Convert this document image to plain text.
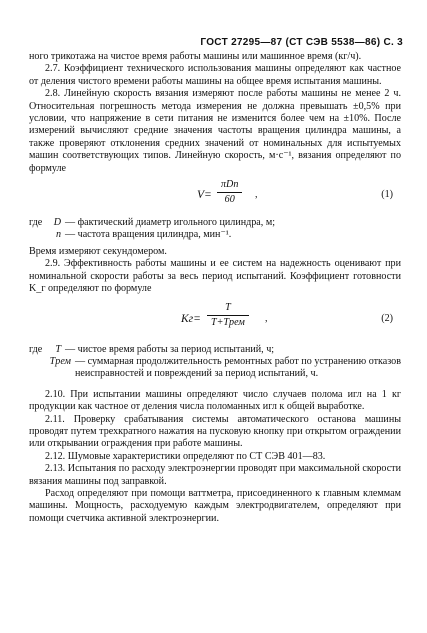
ГОСТ 27295—87 (СТ СЭВ 5538—86) С. 3

ного трикотажа на чистое время работы машины или машинное время (кг/ч).

2.7. Коэффициент технического использования машины определяют как частное от деления чистого времени работы машины на общее время испытания машины.

2.8. Линейную скорость вязания измеряют после работы машины не менее 2 ч. Относительная погрешность метода измерения не должна превышать ±0,5% при условии, что напряжение в сети питания не изменится более чем на ±10%. После измерений вычисляют средние значения частоты вращения цилиндра машины, а также проверяют отклонения средних значений от номинальных для испытуемых машин соответствующих типов. Линейную скорость, м·с⁻¹, вязания определяют по формуле

V=
πDn
60	,	(1)
где	D — фактический диаметр игольного цилиндра, м;
n — частота вращения цилиндра, мин⁻¹.

Время измеряют секундомером.

2.9. Эффективность работы машины и ее систем на надежность оценивают при номинальной скорости работы за весь период испытаний. Коэффициент готовности K_г определяют по формуле

Kг=
T
T+Tрем	,	(2)
где	T — чистое время работы за период испытаний, ч;
Tрем — суммарная продолжительность ремонтных работ по устранению отказов неисправностей и повреждений за период испытаний, ч.

2.10. При испытании машины определяют число случаев полома игл на 1 кг продукции как частное от деления числа поломанных игл к общей выработке.

2.11. Проверку срабатывания системы автоматического останова машины проводят путем трехкратного нажатия на пусковую кнопку при открытом ограждении или открывании ограждения при работе машины.

2.12. Шумовые характеристики определяют по СТ СЭВ 401—83.

2.13. Испытания по расходу электроэнергии проводят при максимальной скорости вязания машины под заправкой.

Расход определяют при помощи ваттметра, присоединенного к главным клеммам машины. Мощность, расходуемую каждым электродвигателем, определяют при помощи счетчика активной электроэнергии.
